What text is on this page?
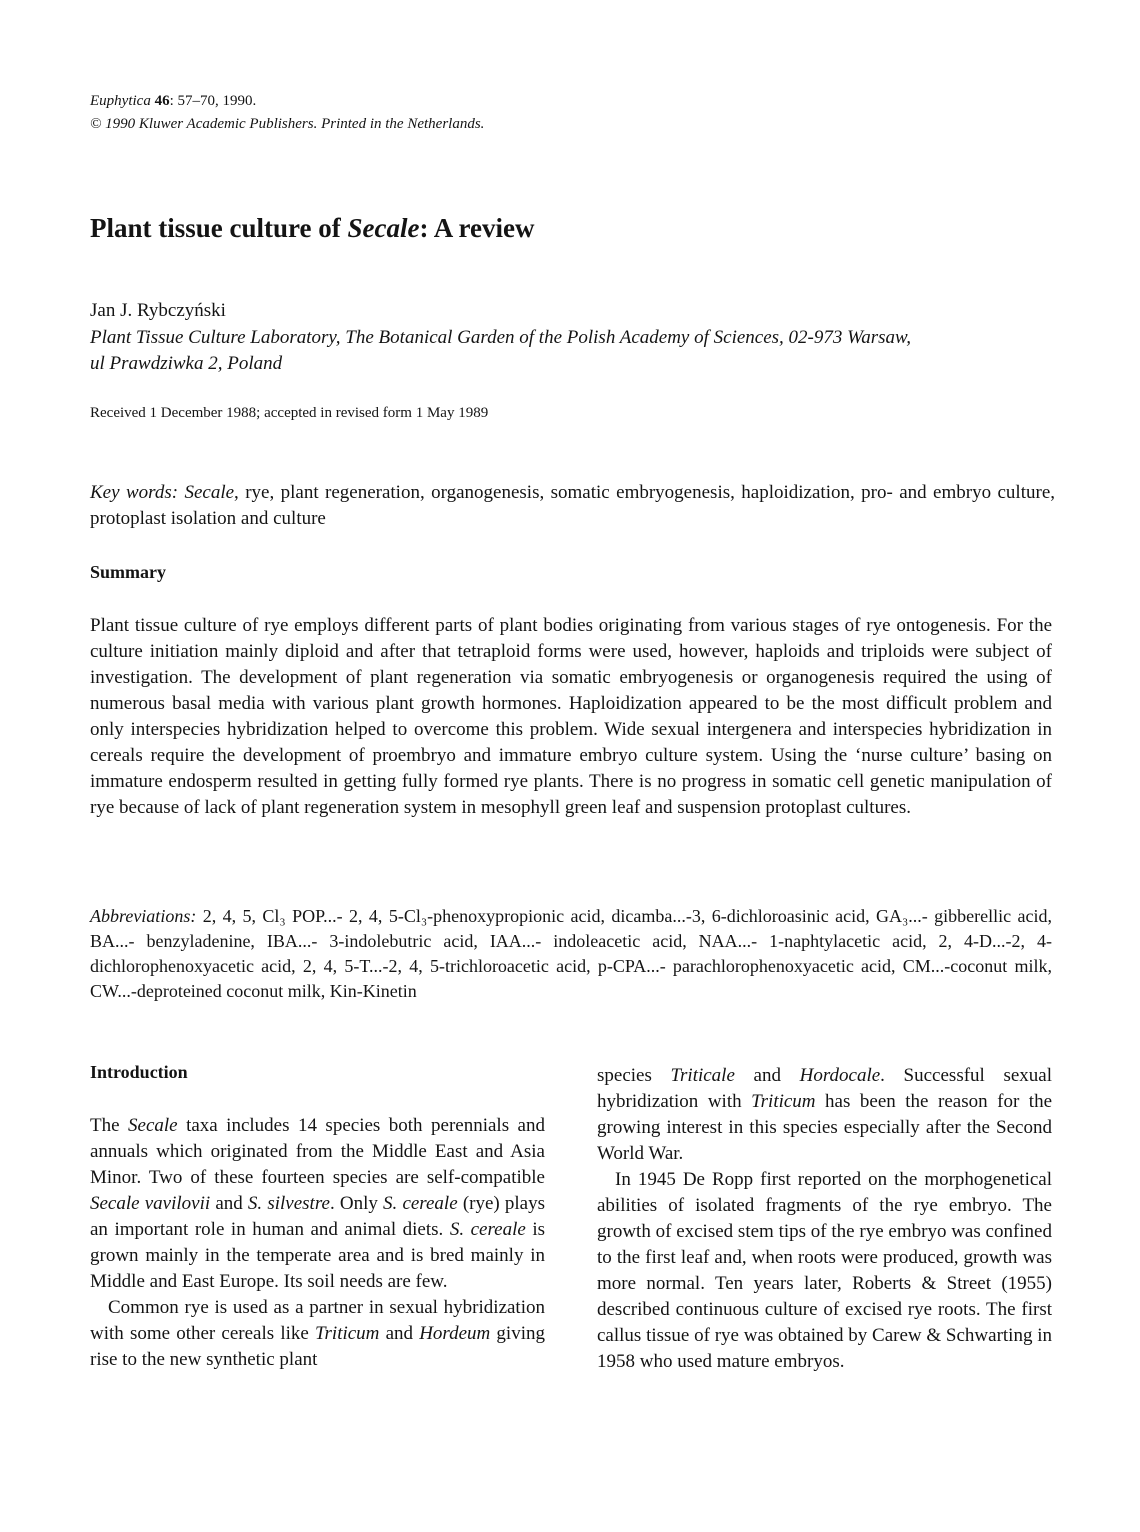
Euphytica 46: 57–70, 1990.
© 1990 Kluwer Academic Publishers. Printed in the Netherlands.
Plant tissue culture of Secale: A review
Jan J. Rybczyński
Plant Tissue Culture Laboratory, The Botanical Garden of the Polish Academy of Sciences, 02-973 Warsaw,
ul Prawdziwka 2, Poland
Received 1 December 1988; accepted in revised form 1 May 1989
Key words: Secale, rye, plant regeneration, organogenesis, somatic embryogenesis, haploidization, pro- and embryo culture, protoplast isolation and culture
Summary

Plant tissue culture of rye employs different parts of plant bodies originating from various stages of rye ontogenesis. For the culture initiation mainly diploid and after that tetraploid forms were used, however, haploids and triploids were subject of investigation. The development of plant regeneration via somatic embryogenesis or organogenesis required the using of numerous basal media with various plant growth hormones. Haploidization appeared to be the most difficult problem and only interspecies hybridization helped to overcome this problem. Wide sexual intergenera and interspecies hybridization in cereals require the development of proembryo and immature embryo culture system. Using the ‘nurse culture’ basing on immature endosperm resulted in getting fully formed rye plants. There is no progress in somatic cell genetic manipulation of rye because of lack of plant regeneration system in mesophyll green leaf and suspension protoplast cultures.

Abbreviations: 2, 4, 5, Cl₃ POP...- 2, 4, 5-Cl₃-phenoxypropionic acid, dicamba...-3, 6-dichloroasinic acid, GA₃...- gibberellic acid, BA...- benzyladenine, IBA...- 3-indolebutric acid, IAA...- indoleacetic acid, NAA...- 1-naphtylacetic acid, 2, 4-D...-2, 4-dichlorophenoxyacetic acid, 2, 4, 5-T...-2, 4, 5-trichloroacetic acid, p-CPA...- parachlorophenoxyacetic acid, CM...-coconut milk, CW...-deproteined coconut milk, Kin-Kinetin

Introduction

The Secale taxa includes 14 species both perennials and annuals which originated from the Middle East and Asia Minor. Two of these fourteen species are self-compatible Secale vavilovii and S. silvestre. Only S. cereale (rye) plays an important role in human and animal diets. S. cereale is grown mainly in the temperate area and is bred mainly in Middle and East Europe. Its soil needs are few.

Common rye is used as a partner in sexual hybridization with some other cereals like Triticum and Hordeum giving rise to the new synthetic plant

species Triticale and Hordocale. Successful sexual hybridization with Triticum has been the reason for the growing interest in this species especially after the Second World War.

In 1945 De Ropp first reported on the morphogenetical abilities of isolated fragments of the rye embryo. The growth of excised stem tips of the rye embryo was confined to the first leaf and, when roots were produced, growth was more normal. Ten years later, Roberts & Street (1955) described continuous culture of excised rye roots. The first callus tissue of rye was obtained by Carew & Schwarting in 1958 who used mature embryos.
